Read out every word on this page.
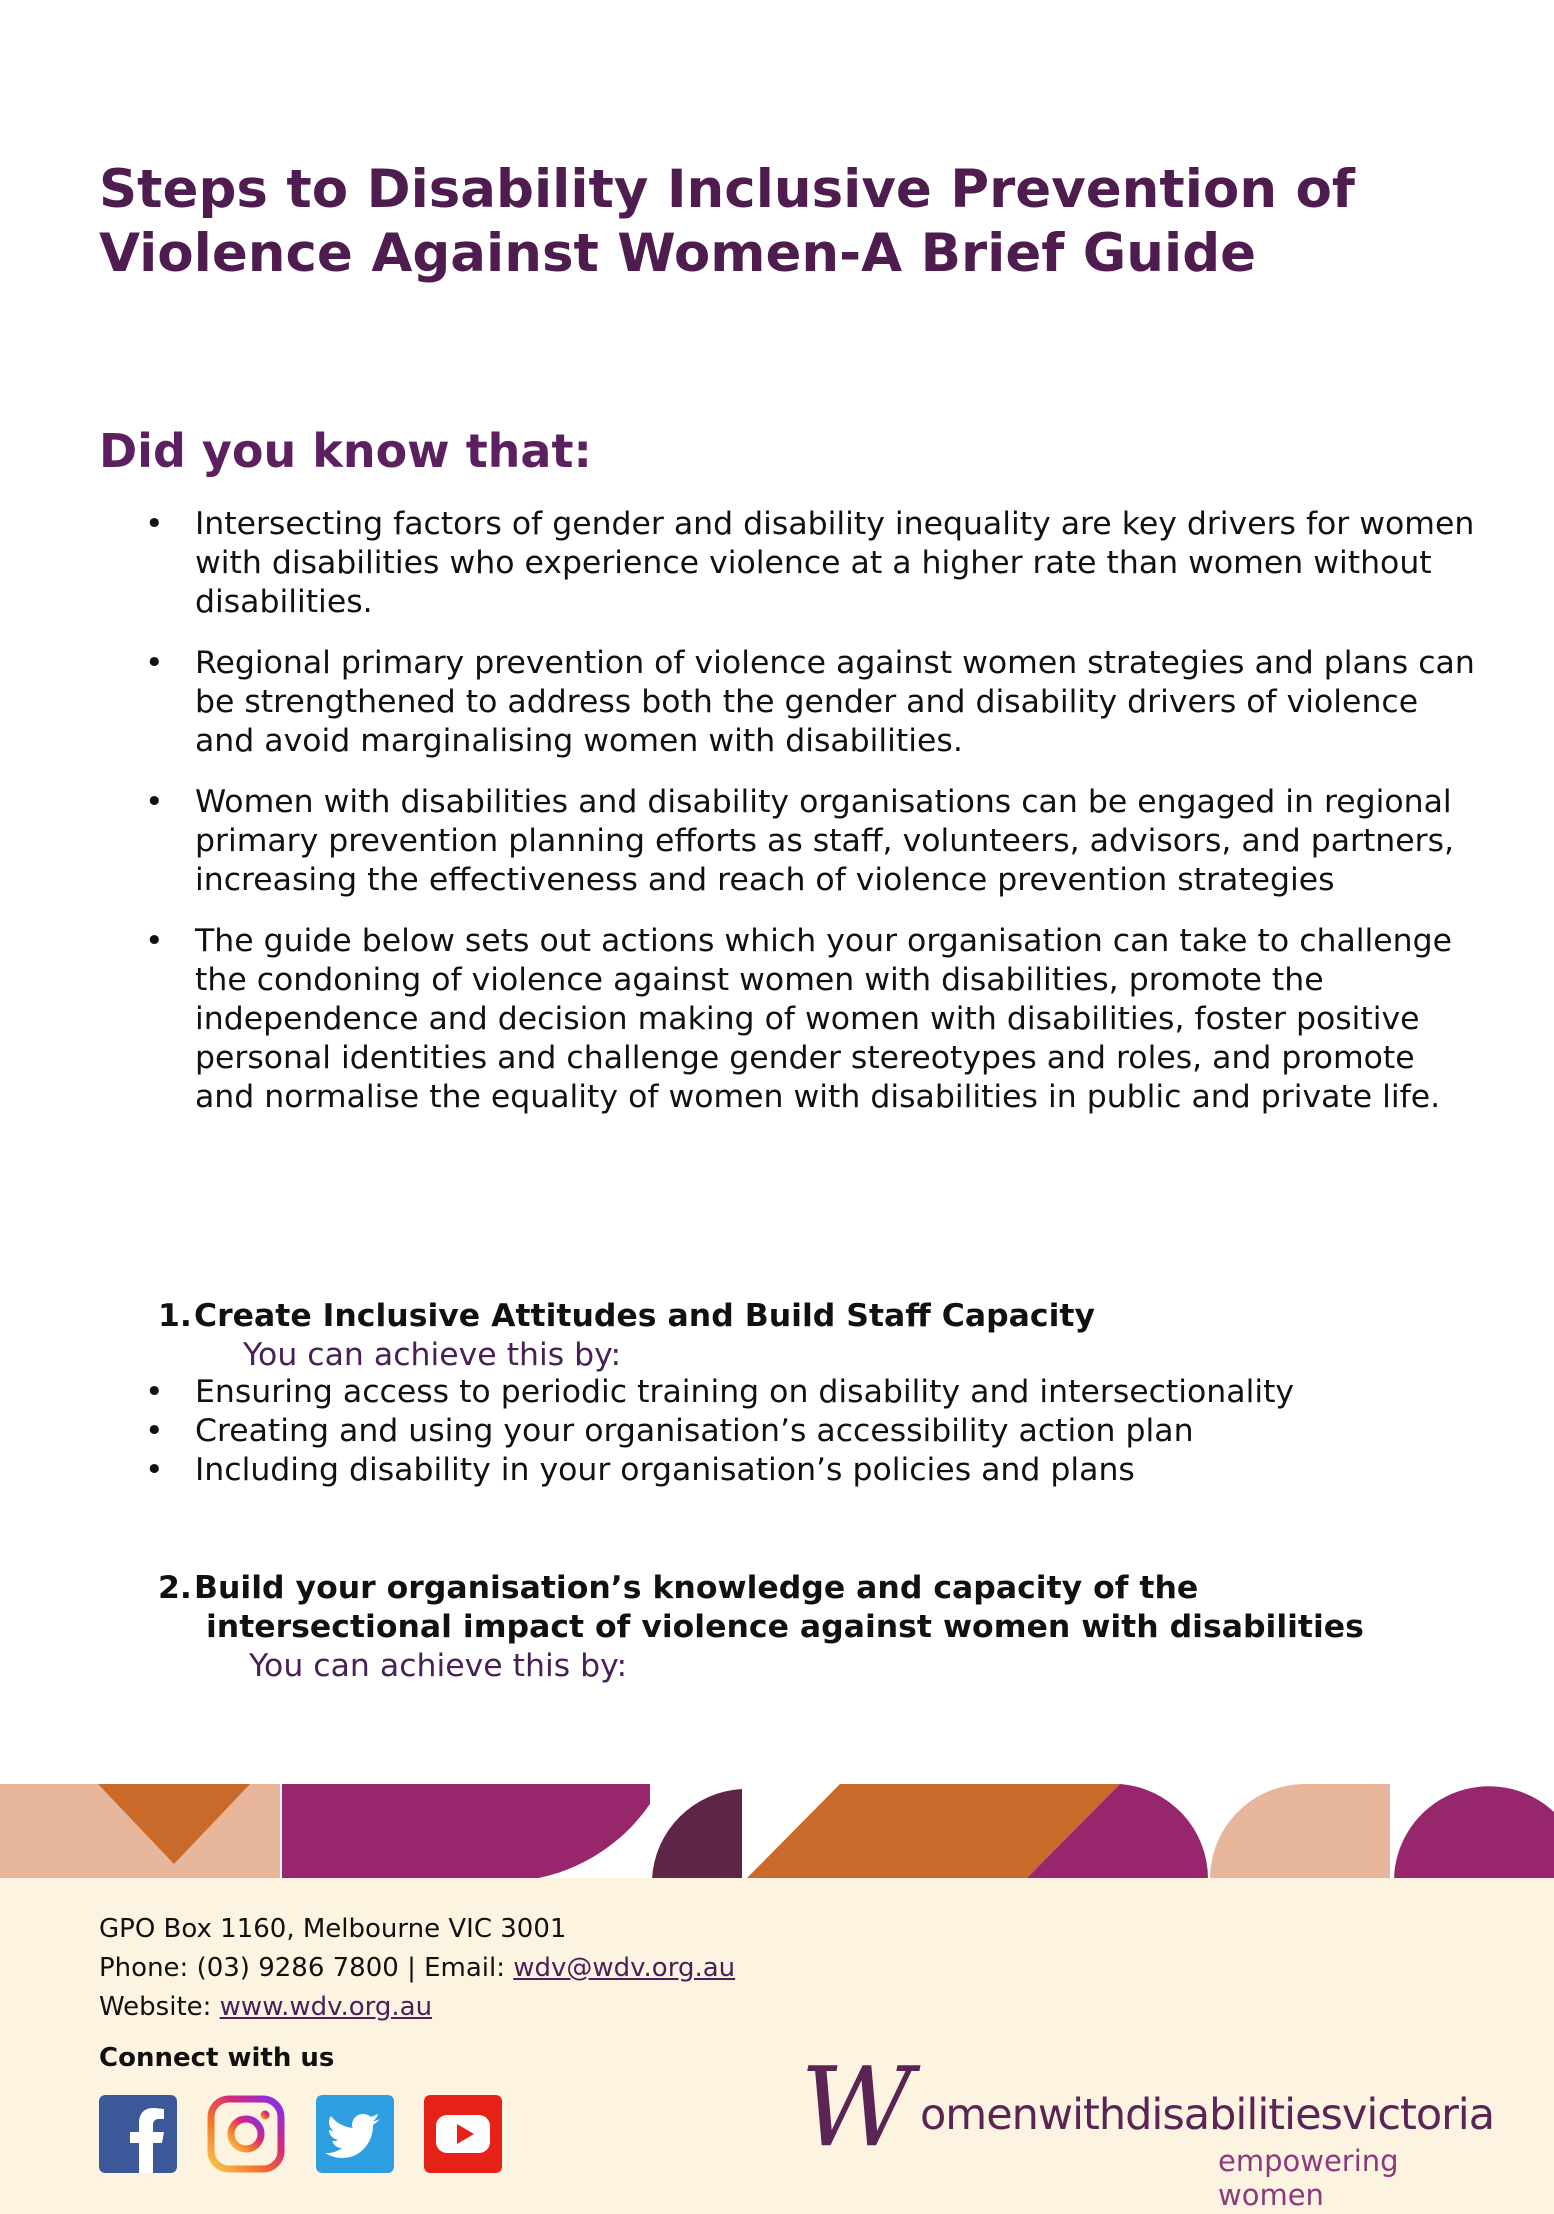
Steps to Disability Inclusive Prevention of
Violence Against Women-A Brief Guide
Did you know that:
• Intersecting factors of gender and disability inequality are key drivers for women with disabilities who experience violence at a higher rate than women without disabilities.
• Regional primary prevention of violence against women strategies and plans can be strengthened to address both the gender and disability drivers of violence and avoid marginalising women with disabilities.
• Women with disabilities and disability organisations can be engaged in regional primary prevention planning efforts as staff, volunteers, advisors, and partners, increasing the effectiveness and reach of violence prevention strategies
• The guide below sets out actions which your organisation can take to challenge the condoning of violence against women with disabilities, promote the independence and decision making of women with disabilities, foster positive personal identities and challenge gender stereotypes and roles, and promote and normalise the equality of women with disabilities in public and private life.
1.Create Inclusive Attitudes and Build Staff Capacity
You can achieve this by:
• Ensuring access to periodic training on disability and intersectionality
• Creating and using your organisation’s accessibility action plan
• Including disability in your organisation’s policies and plans
2.Build your organisation’s knowledge and capacity of the
intersectional impact of violence against women with disabilities
You can achieve this by:
GPO Box 1160, Melbourne VIC 3001
Phone: (03) 9286 7800 | Email: wdv@wdv.org.au
Website: www.wdv.org.au
Connect with us	W omenwithdisabilitiesvictoria
empowering women
